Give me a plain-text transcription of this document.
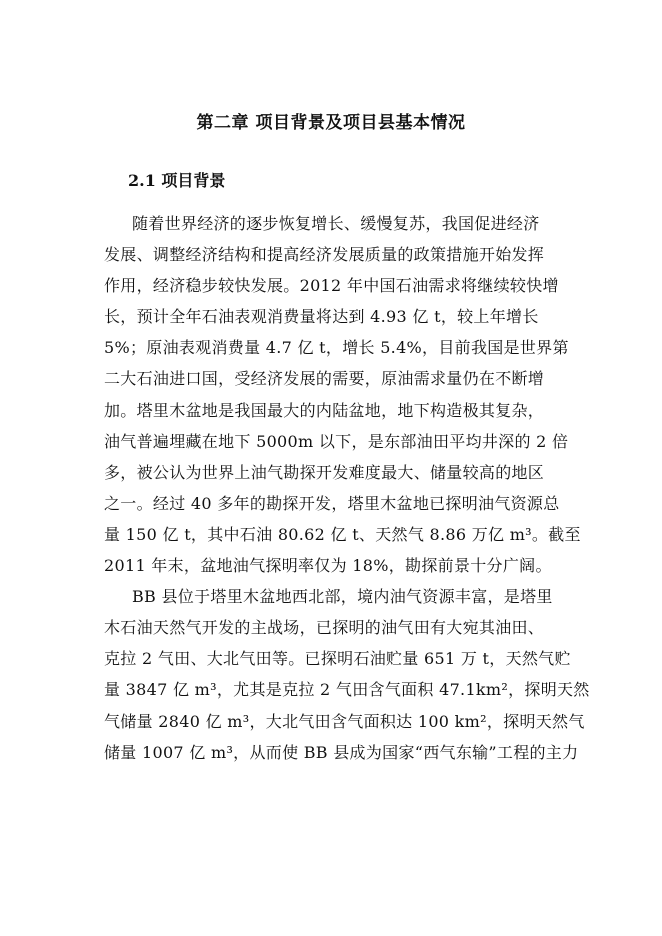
第二章 项目背景及项目县基本情况
2.1 项目背景
随着世界经济的逐步恢复增长、缓慢复苏，我国促进经济
发展、调整经济结构和提高经济发展质量的政策措施开始发挥
作用，经济稳步较快发展。2012 年中国石油需求将继续较快增
长，预计全年石油表观消费量将达到 4.93 亿 t，较上年增长
5%；原油表观消费量 4.7 亿 t，增长 5.4%，目前我国是世界第
二大石油进口国，受经济发展的需要，原油需求量仍在不断增
加。塔里木盆地是我国最大的内陆盆地，地下构造极其复杂，
油气普遍埋藏在地下 5000m 以下，是东部油田平均井深的 2 倍
多，被公认为世界上油气勘探开发难度最大、储量较高的地区
之一。经过 40 多年的勘探开发，塔里木盆地已探明油气资源总
量 150 亿 t，其中石油 80.62 亿 t、天然气 8.86 万亿 m³。截至
2011 年末，盆地油气探明率仅为 18%，勘探前景十分广阔。
BB 县位于塔里木盆地西北部，境内油气资源丰富，是塔里
木石油天然气开发的主战场，已探明的油气田有大宛其油田、
克拉 2 气田、大北气田等。已探明石油贮量 651 万 t，天然气贮
量 3847 亿 m³，尤其是克拉 2 气田含气面积 47.1km²，探明天然
气储量 2840 亿 m³，大北气田含气面积达 100 km²，探明天然气
储量 1007 亿 m³，从而使 BB 县成为国家“西气东输”工程的主力
